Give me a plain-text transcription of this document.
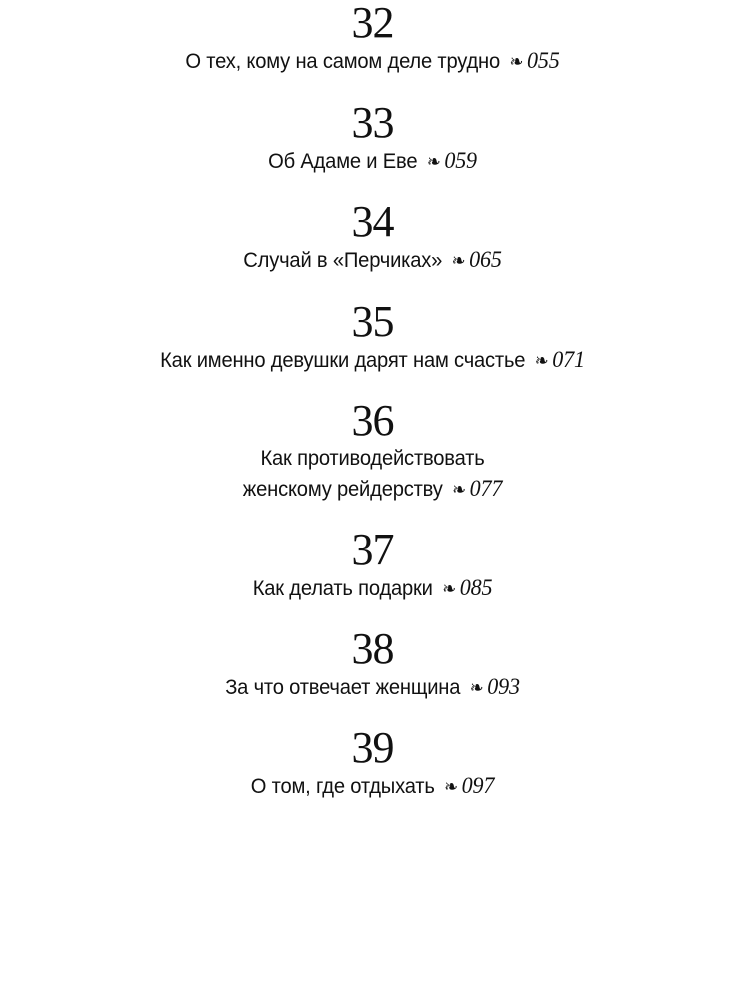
32
О тех, кому на самом деле трудно ❧ 055
33
Об Адаме и Еве ❧ 059
34
Случай в «Перчиках» ❧ 065
35
Как именно девушки дарят нам счастье ❧ 071
36
Как противодействовать
женскому рейдерству ❧ 077
37
Как делать подарки ❧ 085
38
За что отвечает женщина ❧ 093
39
О том, где отдыхать ❧ 097
